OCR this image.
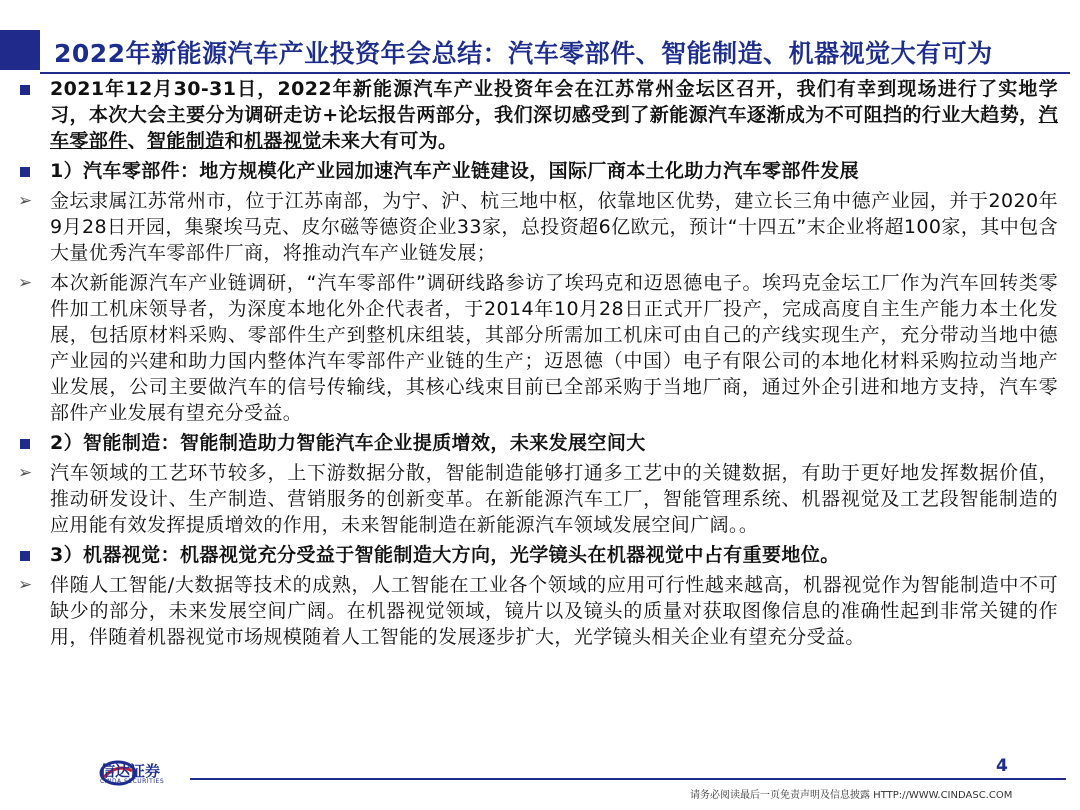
2022年新能源汽车产业投资年会总结：汽车零部件、智能制造、机器视觉大有可为
2021年12月30-31日，2022年新能源汽车产业投资年会在江苏常州金坛区召开，我们有幸到现场进行了实地学习，本次大会主要分为调研走访+论坛报告两部分，我们深切感受到了新能源汽车逐渐成为不可阻挡的行业大趋势，汽车零部件、智能制造和机器视觉未来大有可为。
1）汽车零部件：地方规模化产业园加速汽车产业链建设，国际厂商本土化助力汽车零部件发展
➢ 金坛隶属江苏常州市，位于江苏南部，为宁、沪、杭三地中枢，依靠地区优势，建立长三角中德产业园，并于2020年9月28日开园，集聚埃马克、皮尔磁等德资企业33家，总投资超6亿欧元，预计“十四五”末企业将超100家，其中包含大量优秀汽车零部件厂商，将推动汽车产业链发展；
➢ 本次新能源汽车产业链调研，“汽车零部件”调研线路参访了埃玛克和迈恩德电子。埃玛克金坛工厂作为汽车回转类零件加工机床领导者，为深度本地化外企代表者，于2014年10月28日正式开厂投产，完成高度自主生产能力本土化发展，包括原材料采购、零部件生产到整机床组装，其部分所需加工机床可由自己的产线实现生产，充分带动当地中德产业园的兴建和助力国内整体汽车零部件产业链的生产；迈恩德（中国）电子有限公司的本地化材料采购拉动当地产业发展，公司主要做汽车的信号传输线，其核心线束目前已全部采购于当地厂商，通过外企引进和地方支持，汽车零部件产业发展有望充分受益。
2）智能制造：智能制造助力智能汽车企业提质增效，未来发展空间大
➢ 汽车领域的工艺环节较多，上下游数据分散，智能制造能够打通多工艺中的关键数据，有助于更好地发挥数据价值，推动研发设计、生产制造、营销服务的创新变革。在新能源汽车工厂，智能管理系统、机器视觉及工艺段智能制造的应用能有效发挥提质增效的作用，未来智能制造在新能源汽车领域发展空间广阔。。
3）机器视觉：机器视觉充分受益于智能制造大方向，光学镜头在机器视觉中占有重要地位。
➢ 伴随人工智能/大数据等技术的成熟，人工智能在工业各个领域的应用可行性越来越高，机器视觉作为智能制造中不可缺少的部分，未来发展空间广阔。在机器视觉领域，镜片以及镜头的质量对获取图像信息的准确性起到非常关键的作用，伴随着机器视觉市场规模随着人工智能的发展逐步扩大，光学镜头相关企业有望充分受益。
信达证券
CINDA SECURITIES
4
请务必阅读最后一页免责声明及信息披露 HTTP://WWW.CINDASC.COM
